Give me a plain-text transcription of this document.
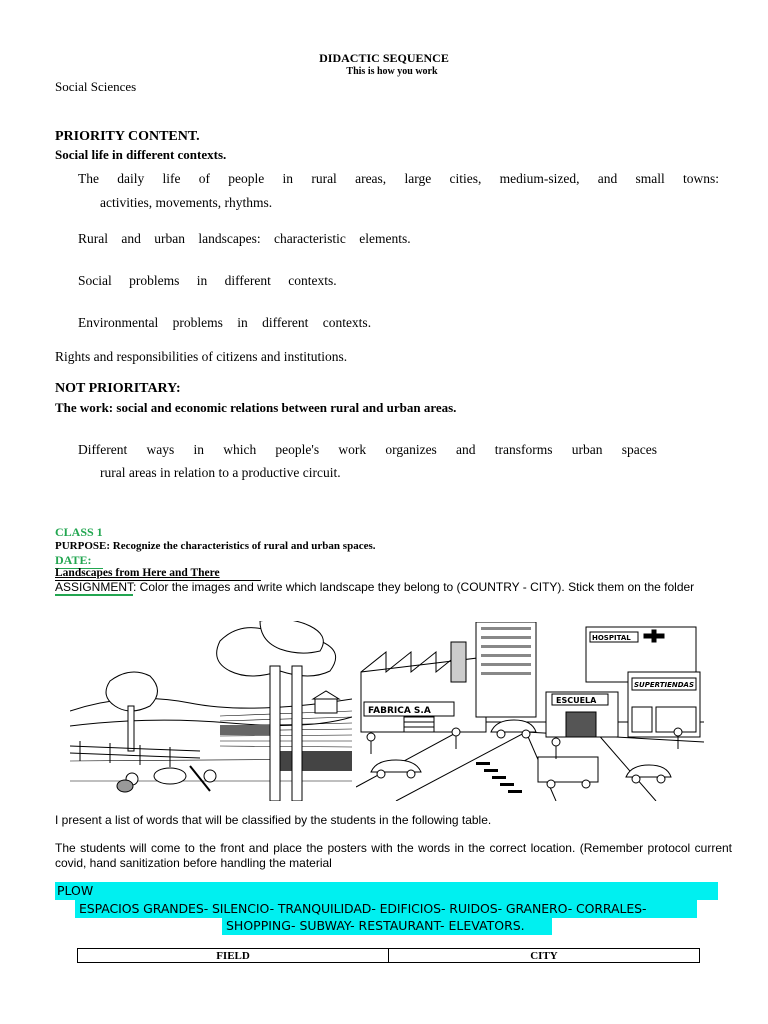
DIDACTIC SEQUENCE
This is how you work
Social Sciences
PRIORITY CONTENT.
Social life in different contexts.
The daily life of people in rural areas, large cities, medium-sized, and small towns:
activities, movements, rhythms.
Rural and urban landscapes: characteristic elements.
Social problems in different contexts.
Environmental problems in different contexts.
Rights and responsibilities of citizens and institutions.
NOT PRIORITARY:
The work: social and economic relations between rural and urban areas.
Different ways in which people's work organizes and transforms urban spaces
rural areas in relation to a productive circuit.
CLASS 1
PURPOSE: Recognize the characteristics of rural and urban spaces.
DATE:
Landscapes from Here and There
ASSIGNMENT: Color the images and write which landscape they belong to (COUNTRY - CITY). Stick them on the folder
FABRICA S.A
ESCUELA
HOSPITAL
SUPERTIENDAS
I present a list of words that will be classified by the students in the following table.
The students will come to the front and place the posters with the words in the correct location. (Remember protocol current covid, hand sanitization before handling the material
PLOW
ESPACIOS GRANDES- SILENCIO- TRANQUILIDAD- EDIFICIOS- RUIDOS- GRANERO- CORRALES-
SHOPPING- SUBWAY- RESTAURANT- ELEVATORS.
FIELD	CITY
